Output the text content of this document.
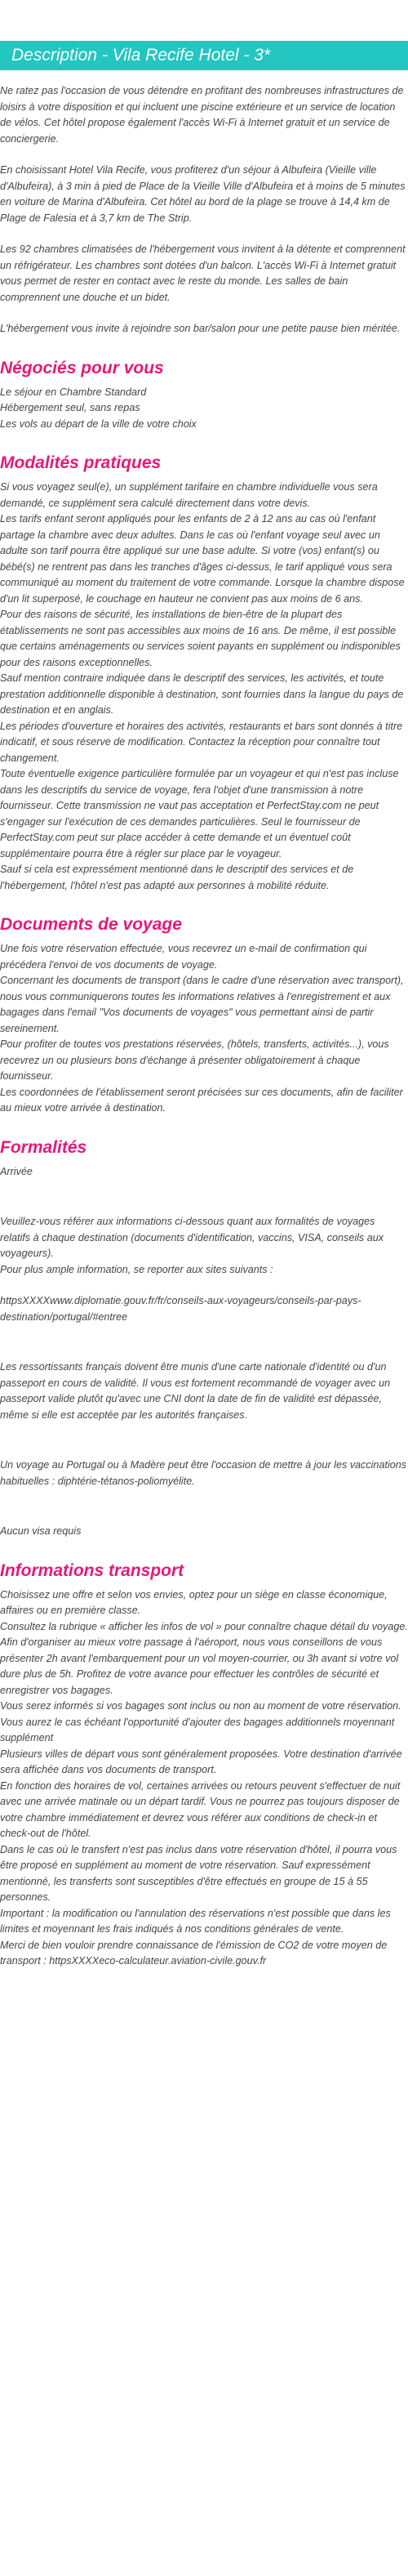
Description - Vila Recife Hotel - 3*

Ne ratez pas l'occasion de vous détendre en profitant des nombreuses infrastructures de loisirs à votre disposition et qui incluent une piscine extérieure et un service de location de vélos. Cet hôtel propose également l'accès Wi-Fi à Internet gratuit et un service de conciergerie.

En choisissant Hotel Vila Recife, vous profiterez d'un séjour à Albufeira (Vieille ville d'Albufeira), à 3 min à pied de Place de la Vieille Ville d'Albufeira et à moins de 5 minutes en voiture de Marina d'Albufeira. Cet hôtel au bord de la plage se trouve à 14,4 km de Plage de Falesia et à 3,7 km de The Strip.

Les 92 chambres climatisées de l'hébergement vous invitent à la détente et comprennent un réfrigérateur. Les chambres sont dotées d'un balcon. L'accès Wi-Fi à Internet gratuit vous permet de rester en contact avec le reste du monde. Les salles de bain comprennent une douche et un bidet.

L'hébergement vous invite à rejoindre son bar/salon pour une petite pause bien méritée.

Négociés pour vous

Le séjour en Chambre Standard

Hébergement seul, sans repas

Les vols au départ de la ville de votre choix

Modalités pratiques

Si vous voyagez seul(e), un supplément tarifaire en chambre individuelle vous sera demandé, ce supplément sera calculé directement dans votre devis.
Les tarifs enfant seront appliqués pour les enfants de 2 à 12 ans au cas où l'enfant partage la chambre avec deux adultes. Dans le cas où l'enfant voyage seul avec un adulte son tarif pourra être appliqué sur une base adulte. Si votre (vos) enfant(s) ou bébé(s) ne rentrent pas dans les tranches d'âges ci-dessus, le tarif appliqué vous sera communiqué au moment du traitement de votre commande. Lorsque la chambre dispose d'un lit superposé, le couchage en hauteur ne convient pas aux moins de 6 ans.
Pour des raisons de sécurité, les installations de bien-être de la plupart des établissements ne sont pas accessibles aux moins de 16 ans. De même, il est possible que certains aménagements ou services soient payants en supplément ou indisponibles pour des raisons exceptionnelles.
Sauf mention contraire indiquée dans le descriptif des services, les activités, et toute prestation additionnelle disponible à destination, sont fournies dans la langue du pays de destination et en anglais.
Les périodes d'ouverture et horaires des activités, restaurants et bars sont donnés à titre indicatif, et sous réserve de modification. Contactez la réception pour connaître tout changement.
Toute éventuelle exigence particulière formulée par un voyageur et qui n'est pas incluse dans les descriptifs du service de voyage, fera l'objet d'une transmission à notre fournisseur. Cette transmission ne vaut pas acceptation et PerfectStay.com ne peut s'engager sur l'exécution de ces demandes particulières. Seul le fournisseur de PerfectStay.com peut sur place accéder à cette demande et un éventuel coût supplémentaire pourra être à régler sur place par le voyageur.
Sauf si cela est expressément mentionné dans le descriptif des services et de l'hébergement, l'hôtel n'est pas adapté aux personnes à mobilité réduite.

Documents de voyage

Une fois votre réservation effectuée, vous recevrez un e-mail de confirmation qui précédera l'envoi de vos documents de voyage.
Concernant les documents de transport (dans le cadre d'une réservation avec transport), nous vous communiquerons toutes les informations relatives à l'enregistrement et aux bagages dans l'email "Vos documents de voyages" vous permettant ainsi de partir sereinement.
Pour profiter de toutes vos prestations réservées, (hôtels, transferts, activités...), vous recevrez un ou plusieurs bons d'échange à présenter obligatoirement à chaque fournisseur.
Les coordonnées de l'établissement seront précisées sur ces documents, afin de faciliter au mieux votre arrivée à destination.

Formalités

Arrivée

Veuillez-vous référer aux informations ci-dessous quant aux formalités de voyages relatifs à chaque destination (documents d'identification, vaccins, VISA, conseils aux voyageurs).
Pour plus ample information, se reporter aux sites suivants :

httpsXXXXwww.diplomatie.gouv.fr/fr/conseils-aux-voyageurs/conseils-par-pays-destination/portugal/#entree

Les ressortissants français doivent être munis d'une carte nationale d'identité ou d'un passeport en cours de validité. Il vous est fortement recommandé de voyager avec un passeport valide plutôt qu'avec une CNI dont la date de fin de validité est dépassée, même si elle est acceptée par les autorités françaises.

Un voyage au Portugal ou à Madère peut être l'occasion de mettre à jour les vaccinations habituelles : diphtérie-tétanos-poliomyélite.

Aucun visa requis

Informations transport

Choisissez une offre et selon vos envies, optez pour un siège en classe économique, affaires ou en première classe.
Consultez la rubrique « afficher les infos de vol » pour connaître chaque détail du voyage.
Afin d'organiser au mieux votre passage à l'aéroport, nous vous conseillons de vous présenter 2h avant l'embarquement pour un vol moyen-courrier, ou 3h avant si votre vol dure plus de 5h. Profitez de votre avance pour effectuer les contrôles de sécurité et enregistrer vos bagages.
Vous serez informés si vos bagages sont inclus ou non au moment de votre réservation.
Vous aurez le cas échéant l'opportunité d'ajouter des bagages additionnels moyennant supplément
Plusieurs villes de départ vous sont généralement proposées. Votre destination d'arrivée sera affichée dans vos documents de transport.
En fonction des horaires de vol, certaines arrivées ou retours peuvent s'effectuer de nuit avec une arrivée matinale ou un départ tardif. Vous ne pourrez pas toujours disposer de votre chambre immédiatement et devrez vous référer aux conditions de check-in et check-out de l'hôtel.
Dans le cas où le transfert n'est pas inclus dans votre réservation d'hôtel, il pourra vous être proposé en supplément au moment de votre réservation. Sauf expressément mentionné, les transferts sont susceptibles d'être effectués en groupe de 15 à 55 personnes.
Important : la modification ou l'annulation des réservations n'est possible que dans les limites et moyennant les frais indiqués à nos conditions générales de vente.
Merci de bien vouloir prendre connaissance de l'émission de CO2 de votre moyen de transport : httpsXXXXeco-calculateur.aviation-civile.gouv.fr
